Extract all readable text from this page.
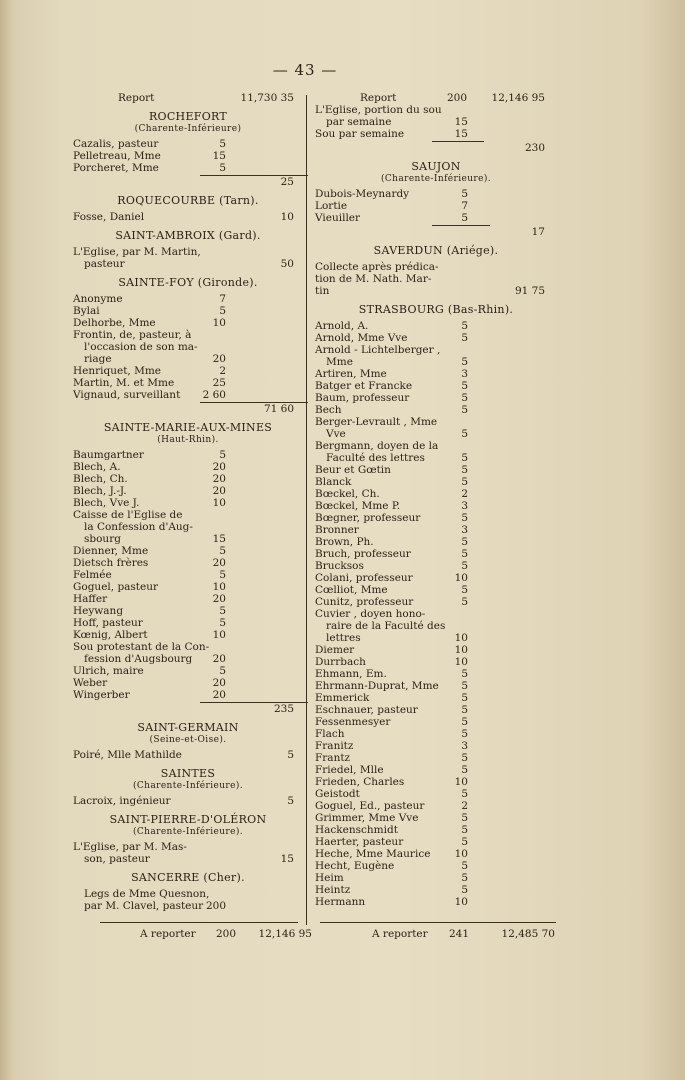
— 43 —
Report	11,730 35
ROCHEFORT
(Charente-Inférieure)
Cazalis, pasteur	5
Pelletreau, Mme	15
Porcheret, Mme	5
25
ROQUECOURBE (Tarn).
Fosse, Daniel	10
SAINT-AMBROIX (Gard).
L'Eglise, par M. Martin,
pasteur	50
SAINTE-FOY (Gironde).
Anonyme	7
Bylai	5
Delhorbe, Mme	10
Frontin, de, pasteur, à
l'occasion de son ma-
riage	20
Henriquet, Mme	2
Martin, M. et Mme	25
Vignaud, surveillant 2 60
71 60
SAINTE-MARIE-AUX-MINES
(Haut-Rhin).
Baumgartner	5
Blech, A.	20
Blech, Ch.	20
Blech, J.-J.	20
Blech, Vve J.	10
Caisse de l'Eglise de
la Confession d'Aug-
sbourg	15
Dienner, Mme	5
Dietsch frères	20
Felmée	5
Goguel, pasteur	10
Haffer	20
Heywang	5
Hoff, pasteur	5
Kœnig, Albert	10
Sou protestant de la Con-
fession d'Augsbourg 20
Ulrich, maire	5
Weber	20
Wingerber	20
235
SAINT-GERMAIN
(Seine-et-Oise).
Poiré, Mlle Mathilde	5
SAINTES
(Charente-Inférieure).
Lacroix, ingénieur	5
SAINT-PIERRE-D'OLÉRON
(Charente-Inférieure).
L'Eglise, par M. Mas-
son, pasteur	15
SANCERRE (Cher).
Legs de Mme Quesnon,
par M. Clavel, pasteur 200
Report	200 12,146 95
L'Eglise, portion du sou
par semaine	15
Sou par semaine	15
230
SAUJON
(Charente-Inférieure).
Dubois-Meynardy	5
Lortie	7
Vieuiller	5
17
SAVERDUN (Ariége).
Collecte après prédica-
tion de M. Nath. Mar-
tin	91 75
STRASBOURG (Bas-Rhin).
Arnold, A.	5
Arnold, Mme Vve	5
Arnold - Lichtelberger ,
Mme	5
Artiren, Mme	3
Batger et Francke	5
Baum, professeur	5
Bech	5
Berger-Levrault , Mme
Vve	5
Bergmann, doyen de la
Faculté des lettres	5
Beur et Gœtin	5
Blanck	5
Bœckel, Ch.	2
Bœckel, Mme P.	3
Bœgner, professeur	5
Bronner	3
Brown, Ph.	5
Bruch, professeur	5
Brucksos	5
Colani, professeur	10
Cœlliot, Mme	5
Cunitz, professeur	5
Cuvier , doyen hono-
raire de la Faculté des
lettres	10
Diemer	10
Durrbach	10
Ehmann, Em.	5
Ehrmann-Duprat, Mme 5
Emmerick	5
Eschnauer, pasteur	5
Fessenmesyer	5
Flach	5
Franitz	3
Frantz	5
Friedel, Mlle	5
Frieden, Charles	10
Geistodt	5
Goguel, Ed., pasteur	2
Grimmer, Mme Vve	5
Hackenschmidt	5
Haerter, pasteur	5
Heche, Mme Maurice 10
Hecht, Eugène	5
Heim	5
Heintz	5
Hermann	10
A reporter 200 12,146 95	A reporter 241	12,485 70
